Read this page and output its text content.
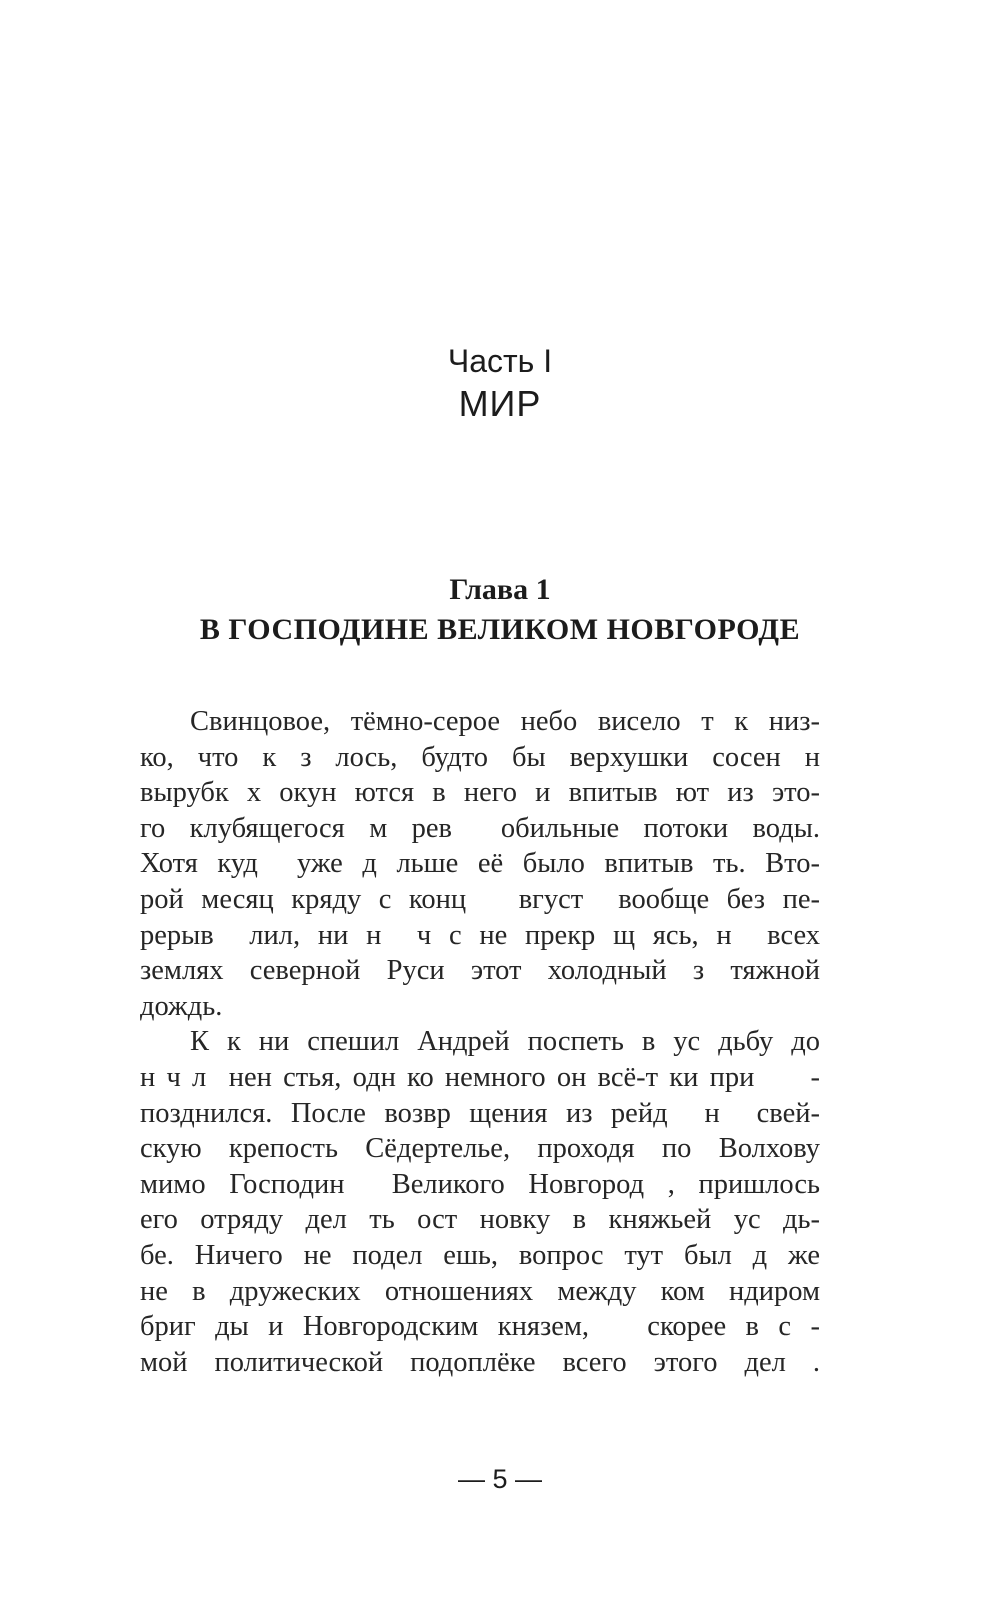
Часть I
МИР
Глава 1
В ГОСПОДИНЕ ВЕЛИКОМ НОВГОРОДЕ
Свинцовое, тёмно-серое небо висело т к низ-
ко, что к з лось, будто бы верхушки сосен н
вырубк х окун ются в него и впитыв ют из это-
го клубящегося м рев  обильные потоки воды.
Хотя куд  уже д льше её было впитыв ть. Вто-
рой месяц кряду с конц   вгуст  вообще без пе-
рерыв  лил, ни н  ч с не прекр щ ясь, н  всех
землях северной Руси этот холодный з тяжной
дождь.
К к ни спешил Андрей поспеть в ус дьбу до
н ч л  нен стья, одн ко немного он всё-т ки при     -
позднился. После возвр щения из рейд  н  свей-
скую крепость Сёдертелье, проходя по Волхову
мимо Господин  Великого Новгород , пришлось
его отряду дел ть ост новку в княжьей ус дь-
бе. Ничего не подел ешь, вопрос тут был д же
не в дружеских отношениях между ком ндиром
бриг ды и Новгородским князем,   скорее в с -
мой политической подоплёке всего этого дел .
— 5 —
